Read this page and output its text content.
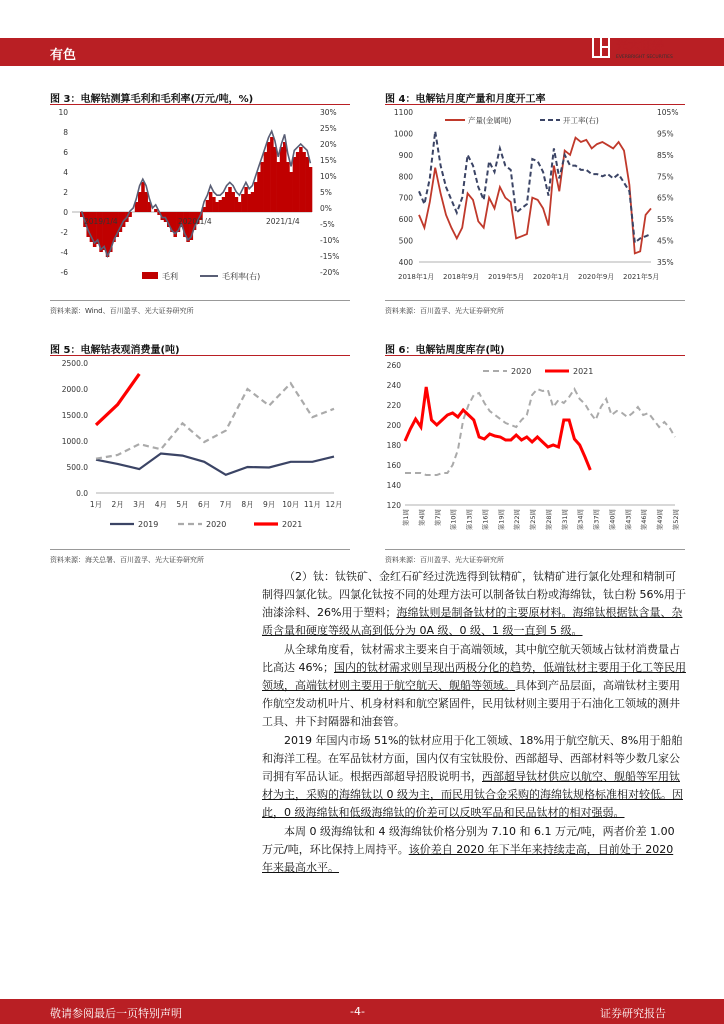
有色
光大证券
EVERBRIGHT SECURITIES
图 3：电解钴测算毛利和毛利率(万元/吨，%)
10
8
6
4
2
0
-2
-4
-6
30%
25%
20%
15%
10%
5%
0%
-5%
-10%
-15%
-20%
2019/1/4	2020/1/4	2021/1/4
毛利	毛利率(右)
资料来源：Wind、百川盈孚、光大证券研究所
图 4：电解钴月度产量和月度开工率
1100
1000
900
800
700
600
500
400
105%
95%
85%
75%
65%
55%
45%
35%
2018年1月 2018年9月 2019年5月 2020年1月 2020年9月 2021年5月
产量(金属吨)	开工率(右)
资料来源：百川盈孚、光大证券研究所
图 5：电解钴表观消费量(吨)
2500.0
2000.0
1500.0
1000.0
500.0
0.0
1月 2月 3月 4月 5月 6月 7月 8月 9月 10月 11月 12月
2019	2020	2021
资料来源：海关总署、百川盈孚、光大证券研究所
图 6：电解钴周度库存(吨)
260
240
220
200
180
160
140
120
第1周 第4周 第7周 第10周 第13周 第16周 第19周 第22周 第25周 第28周 第31周 第34周 第37周 第40周 第43周 第46周 第49周 第52周
2020	2021
资料来源：百川盈孚、光大证券研究所

（2）钛：钛铁矿、金红石矿经过洗选得到钛精矿，钛精矿进行氯化处理和精制可制得四氯化钛。四氯化钛按不同的处理方法可以制备钛白粉或海绵钛，钛白粉 56%用于油漆涂料、26%用于塑料；海绵钛则是制备钛材的主要原材料。海绵钛根据钛含量、杂质含量和硬度等级从高到低分为 0A 级、0 级、1 级一直到 5 级。

从全球角度看，钛材需求主要来自于高端领域，其中航空航天领域占钛材消费量占比高达 46%；国内的钛材需求则呈现出两极分化的趋势，低端钛材主要用于化工等民用领域，高端钛材则主要用于航空航天、舰船等领域。具体到产品层面，高端钛材主要用作航空发动机叶片、机身材料和航空紧固件，民用钛材则主要用于石油化工领域的测井工具、井下封隔器和油套管。

2019 年国内市场 51%的钛材应用于化工领域、18%用于航空航天、8%用于船舶和海洋工程。在军品钛材方面，国内仅有宝钛股份、西部超导、西部材料等少数几家公司拥有军品认证。根据西部超导招股说明书，西部超导钛材供应以航空、舰船等军用钛材为主，采购的海绵钛以 0 级为主，而民用钛合金采购的海绵钛规格标准相对较低。因此，0 级海绵钛和低级海绵钛的价差可以反映军品和民品钛材的相对强弱。

本周 0 级海绵钛和 4 级海绵钛价格分别为 7.10 和 6.1 万元/吨，两者价差 1.00 万元/吨，环比保持上周持平。该价差自 2020 年下半年来持续走高，目前处于 2020 年来最高水平。

敬请参阅最后一页特别声明	-4-	证券研究报告
